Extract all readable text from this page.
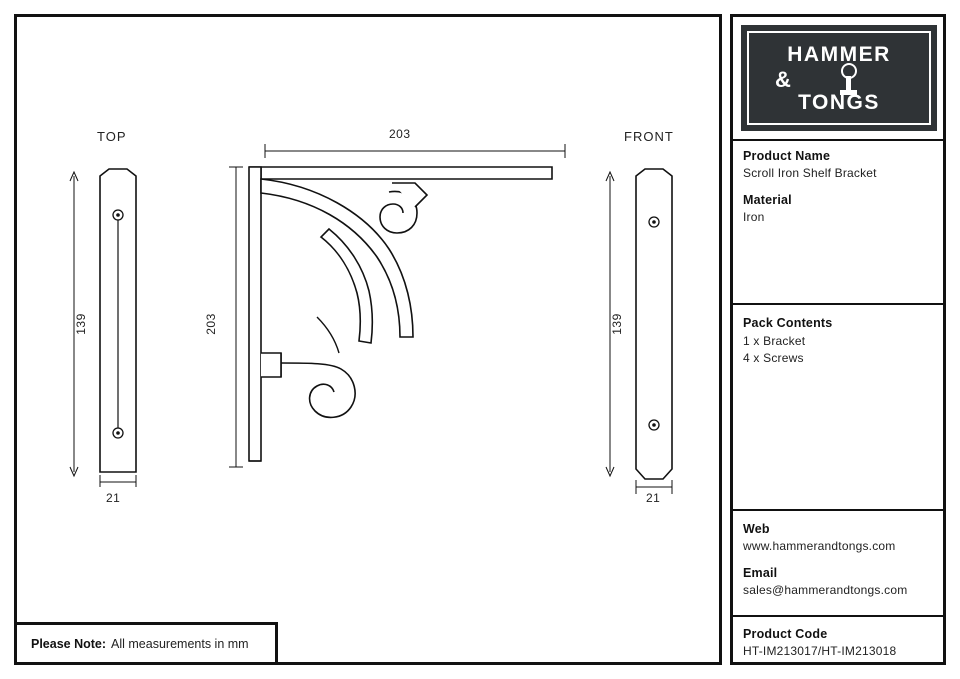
TOP	FRONT
139
21
203
203	139
21
HAMMER
&
TONGS
Product Name
Scroll Iron Shelf Bracket
Material
Iron
Pack Contents
1 x Bracket
4 x Screws
Web
www.hammerandtongs.com
Email
sales@hammerandtongs.com
Product Code
HT-IM213017/HT-IM213018
Please Note: All measurements in mm
